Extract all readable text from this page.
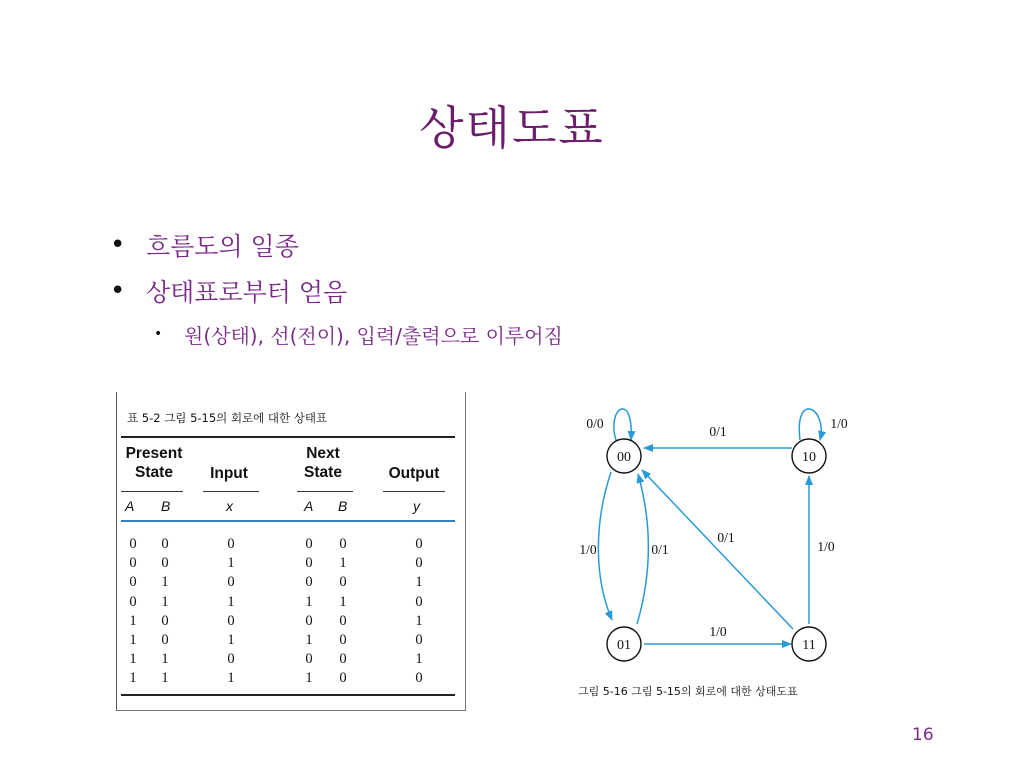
상태도표
• 흐름도의 일종
• 상태표로부터 얻음
•	원(상태), 선(전이), 입력/출력으로 이루어짐
표 5-2 그림 5-15의 회로에 대한 상태표
Present
State	Input
Next
State	Output
A B	x	A B	y
0	0	0	0	0	0
0	0	1	0	1	0
0	1	0	0	0	1
0	1	1	1	1	0
1	0	0	0	0	1
1	0	1	1	0	0
1	1	0	0	0	1
1	1	1	1	0	0
00	10
01	11
0/0	1/0
0/1
1/0	0/1
0/1
1/0
1/0
그림 5-16 그림 5-15의 회로에 대한 상태도표
16
